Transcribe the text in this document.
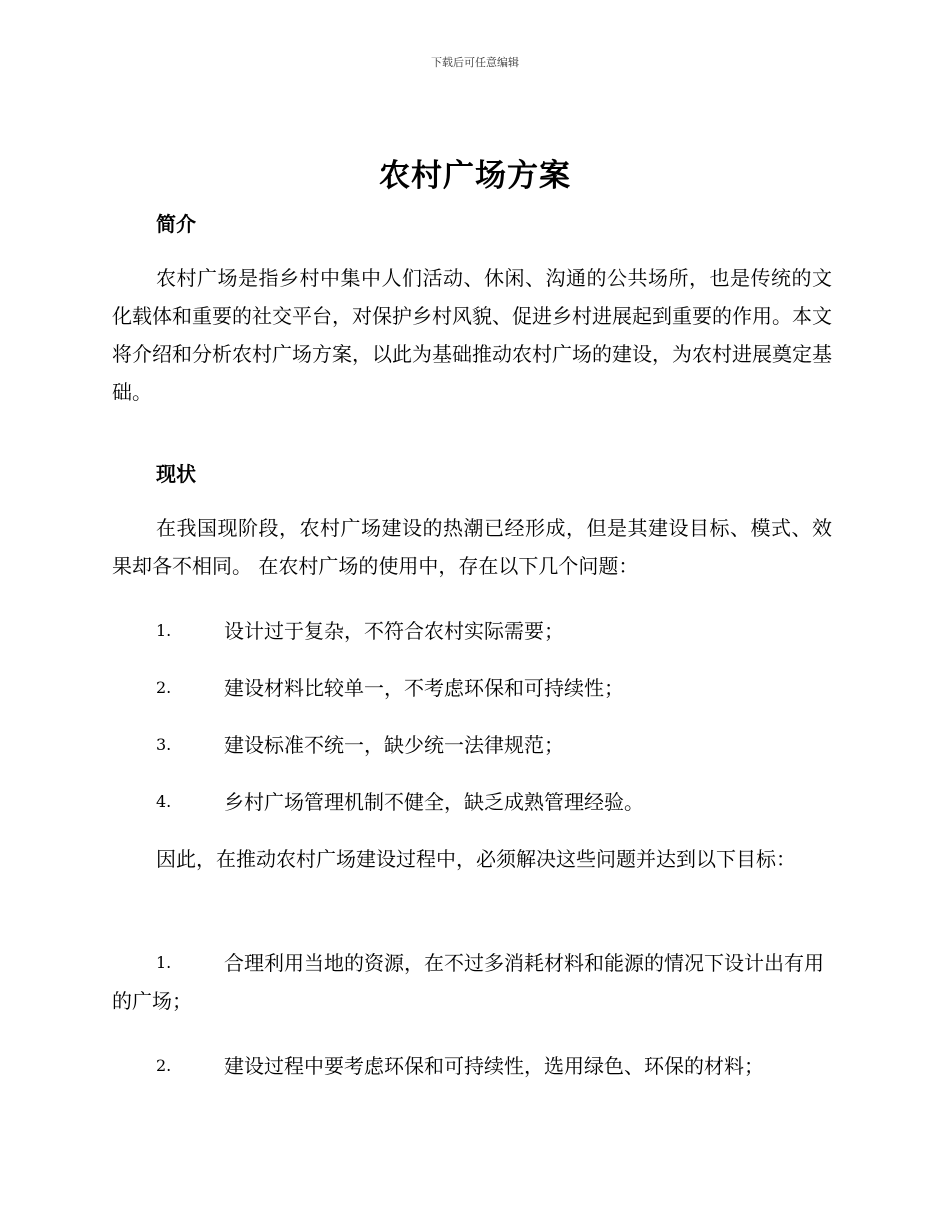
下载后可任意编辑
农村广场方案
简介

农村广场是指乡村中集中人们活动、休闲、沟通的公共场所，也是传统的文化载体和重要的社交平台，对保护乡村风貌、促进乡村进展起到重要的作用。本文将介绍和分析农村广场方案，以此为基础推动农村广场的建设，为农村进展奠定基础。

现状

在我国现阶段，农村广场建设的热潮已经形成，但是其建设目标、模式、效果却各不相同。 在农村广场的使用中，存在以下几个问题：

1.	设计过于复杂，不符合农村实际需要；
2.	建设材料比较单一，不考虑环保和可持续性；
3.	建设标准不统一，缺少统一法律规范；
4.	乡村广场管理机制不健全，缺乏成熟管理经验。

因此，在推动农村广场建设过程中，必须解决这些问题并达到以下目标：

1.	合理利用当地的资源，在不过多消耗材料和能源的情况下设计出有用的广场；
2.	建设过程中要考虑环保和可持续性，选用绿色、环保的材料；
